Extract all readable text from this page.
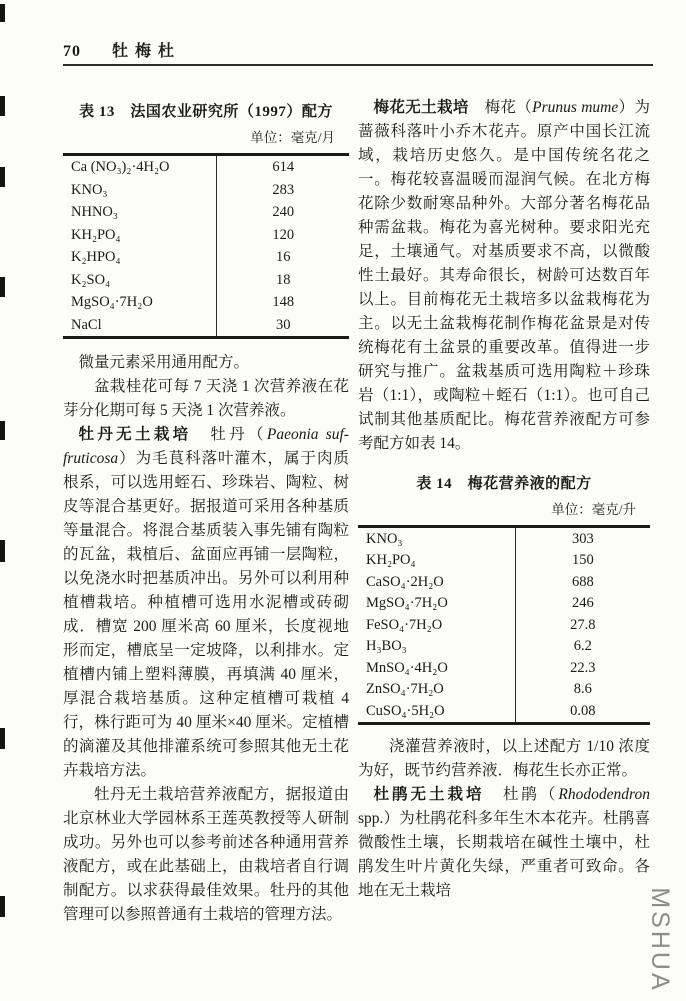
70 牡梅杜
表 13　法国农业研究所（1997）配方
单位：毫克/月
Ca (NO₃)₂·4H₂O	614
KNO₃	283
NHNO₃	240
KH₂PO₄	120
K₂HPO₄	16
K₂SO₄	18
MgSO₄·7H₂O	148
NaCl	30

微量元素采用通用配方。

盆栽桂花可每 7 天浇 1 次营养液在花芽分化期可每 5 天浇 1 次营养液。

牡丹无土栽培　牡丹（Paeonia suf-fruticosa）为毛茛科落叶灌木，属于肉质根系，可以选用蛭石、珍珠岩、陶粒、树皮等混合基更好。据报道可采用各种基质等量混合。将混合基质装入事先铺有陶粒的瓦盆，栽植后、盆面应再铺一层陶粒，以免浇水时把基质冲出。另外可以利用种植槽栽培。种植槽可选用水泥槽或砖砌成．槽宽 200 厘米高 60 厘米，长度视地形而定，槽底呈一定坡降，以利排水。定植槽内铺上塑料薄膜，再填满 40 厘米，厚混合栽培基质。这种定植槽可栽植 4 行，株行距可为 40 厘米×40 厘米。定植槽的滴灌及其他排灌系统可参照其他无土花卉栽培方法。

牡丹无土栽培营养液配方，据报道由北京林业大学园林系王莲英教授等人研制成功。另外也可以参考前述各种通用营养液配方，或在此基础上，由栽培者自行调制配方。以求获得最佳效果。牡丹的其他管理可以参照普通有土栽培的管理方法。

梅花无土栽培　梅花（Prunus mume）为蔷薇科落叶小乔木花卉。原产中国长江流域，栽培历史悠久。是中国传统名花之一。梅花较喜温暖而湿润气候。在北方梅花除少数耐寒品种外。大部分著名梅花品种需盆栽。梅花为喜光树种。要求阳光充足，土壤通气。对基质要求不高，以微酸性土最好。其寿命很长，树龄可达数百年以上。目前梅花无土栽培多以盆栽梅花为主。以无土盆栽梅花制作梅花盆景是对传统梅花有土盆景的重要改革。值得进一步研究与推广。盆栽基质可选用陶粒＋珍珠岩（1:1），或陶粒＋蛭石（1:1）。也可自己试制其他基质配比。梅花营养液配方可参考配方如表 14。

表 14　梅花营养液的配方
单位：毫克/升
KNO₃	303
KH₂PO₄	150
CaSO₄·2H₂O	688
MgSO₄·7H₂O	246
FeSO₄·7H₂O	27.8
H₃BO₃	6.2
MnSO₄·4H₂O	22.3
ZnSO₄·7H₂O	8.6
CuSO₄·5H₂O	0.08

浇灌营养液时，以上述配方 1/10 浓度为好，既节约营养液．梅花生长亦正常。

杜鹃无土栽培　杜鹃（Rhododendron spp.）为杜鹃花科多年生木本花卉。杜鹃喜微酸性土壤，长期栽培在碱性土壤中，杜鹃发生叶片黄化失绿，严重者可致命。各地在无土栽培	MSHUA
